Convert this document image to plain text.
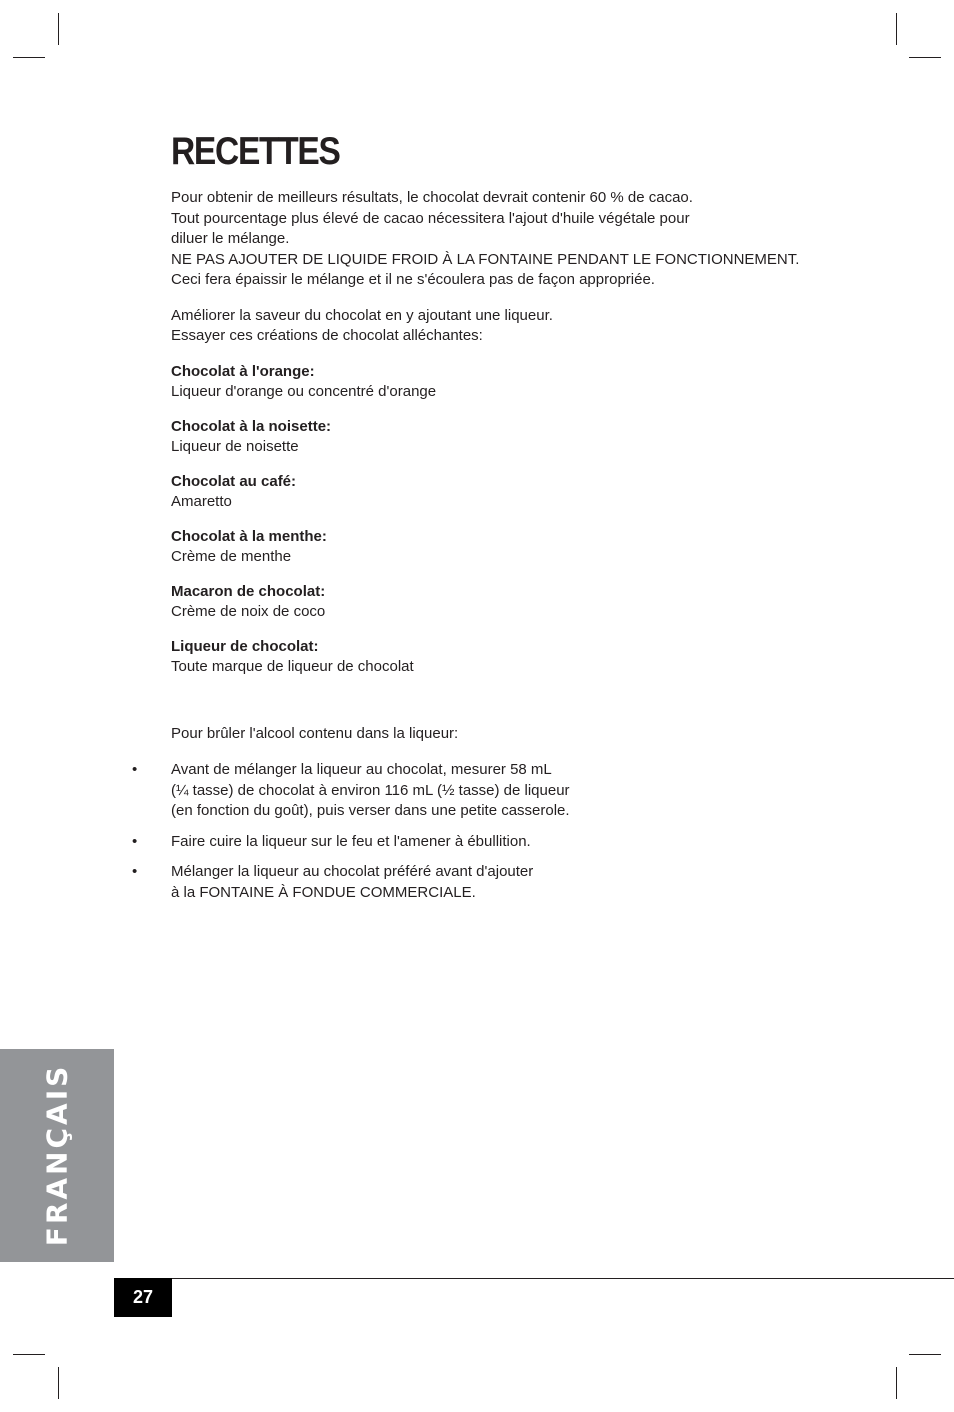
RECETTES

Pour obtenir de meilleurs résultats, le chocolat devrait contenir 60 % de cacao.
Tout pourcentage plus élevé de cacao nécessitera l'ajout d'huile végétale pour
diluer le mélange.
NE PAS AJOUTER DE LIQUIDE FROID À LA FONTAINE PENDANT LE FONCTIONNEMENT.
Ceci fera épaissir le mélange et il ne s'écoulera pas de façon appropriée.

Améliorer la saveur du chocolat en y ajoutant une liqueur.
Essayer ces créations de chocolat alléchantes:

Chocolat à l'orange:
Liqueur d'orange ou concentré d'orange
Chocolat à la noisette:
Liqueur de noisette
Chocolat au café:
Amaretto
Chocolat à la menthe:
Crème de menthe
Macaron de chocolat:
Crème de noix de coco
Liqueur de chocolat:
Toute marque de liqueur de chocolat
Pour brûler l'alcool contenu dans la liqueur:
• Avant de mélanger la liqueur au chocolat, mesurer 58 mL
(¼ tasse) de chocolat à environ 116 mL (½ tasse) de liqueur
(en fonction du goût), puis verser dans une petite casserole.
• Faire cuire la liqueur sur le feu et l'amener à ébullition.
• Mélanger la liqueur au chocolat préféré avant d'ajouter
à la FONTAINE À FONDUE COMMERCIALE.
FRANÇAIS
27
